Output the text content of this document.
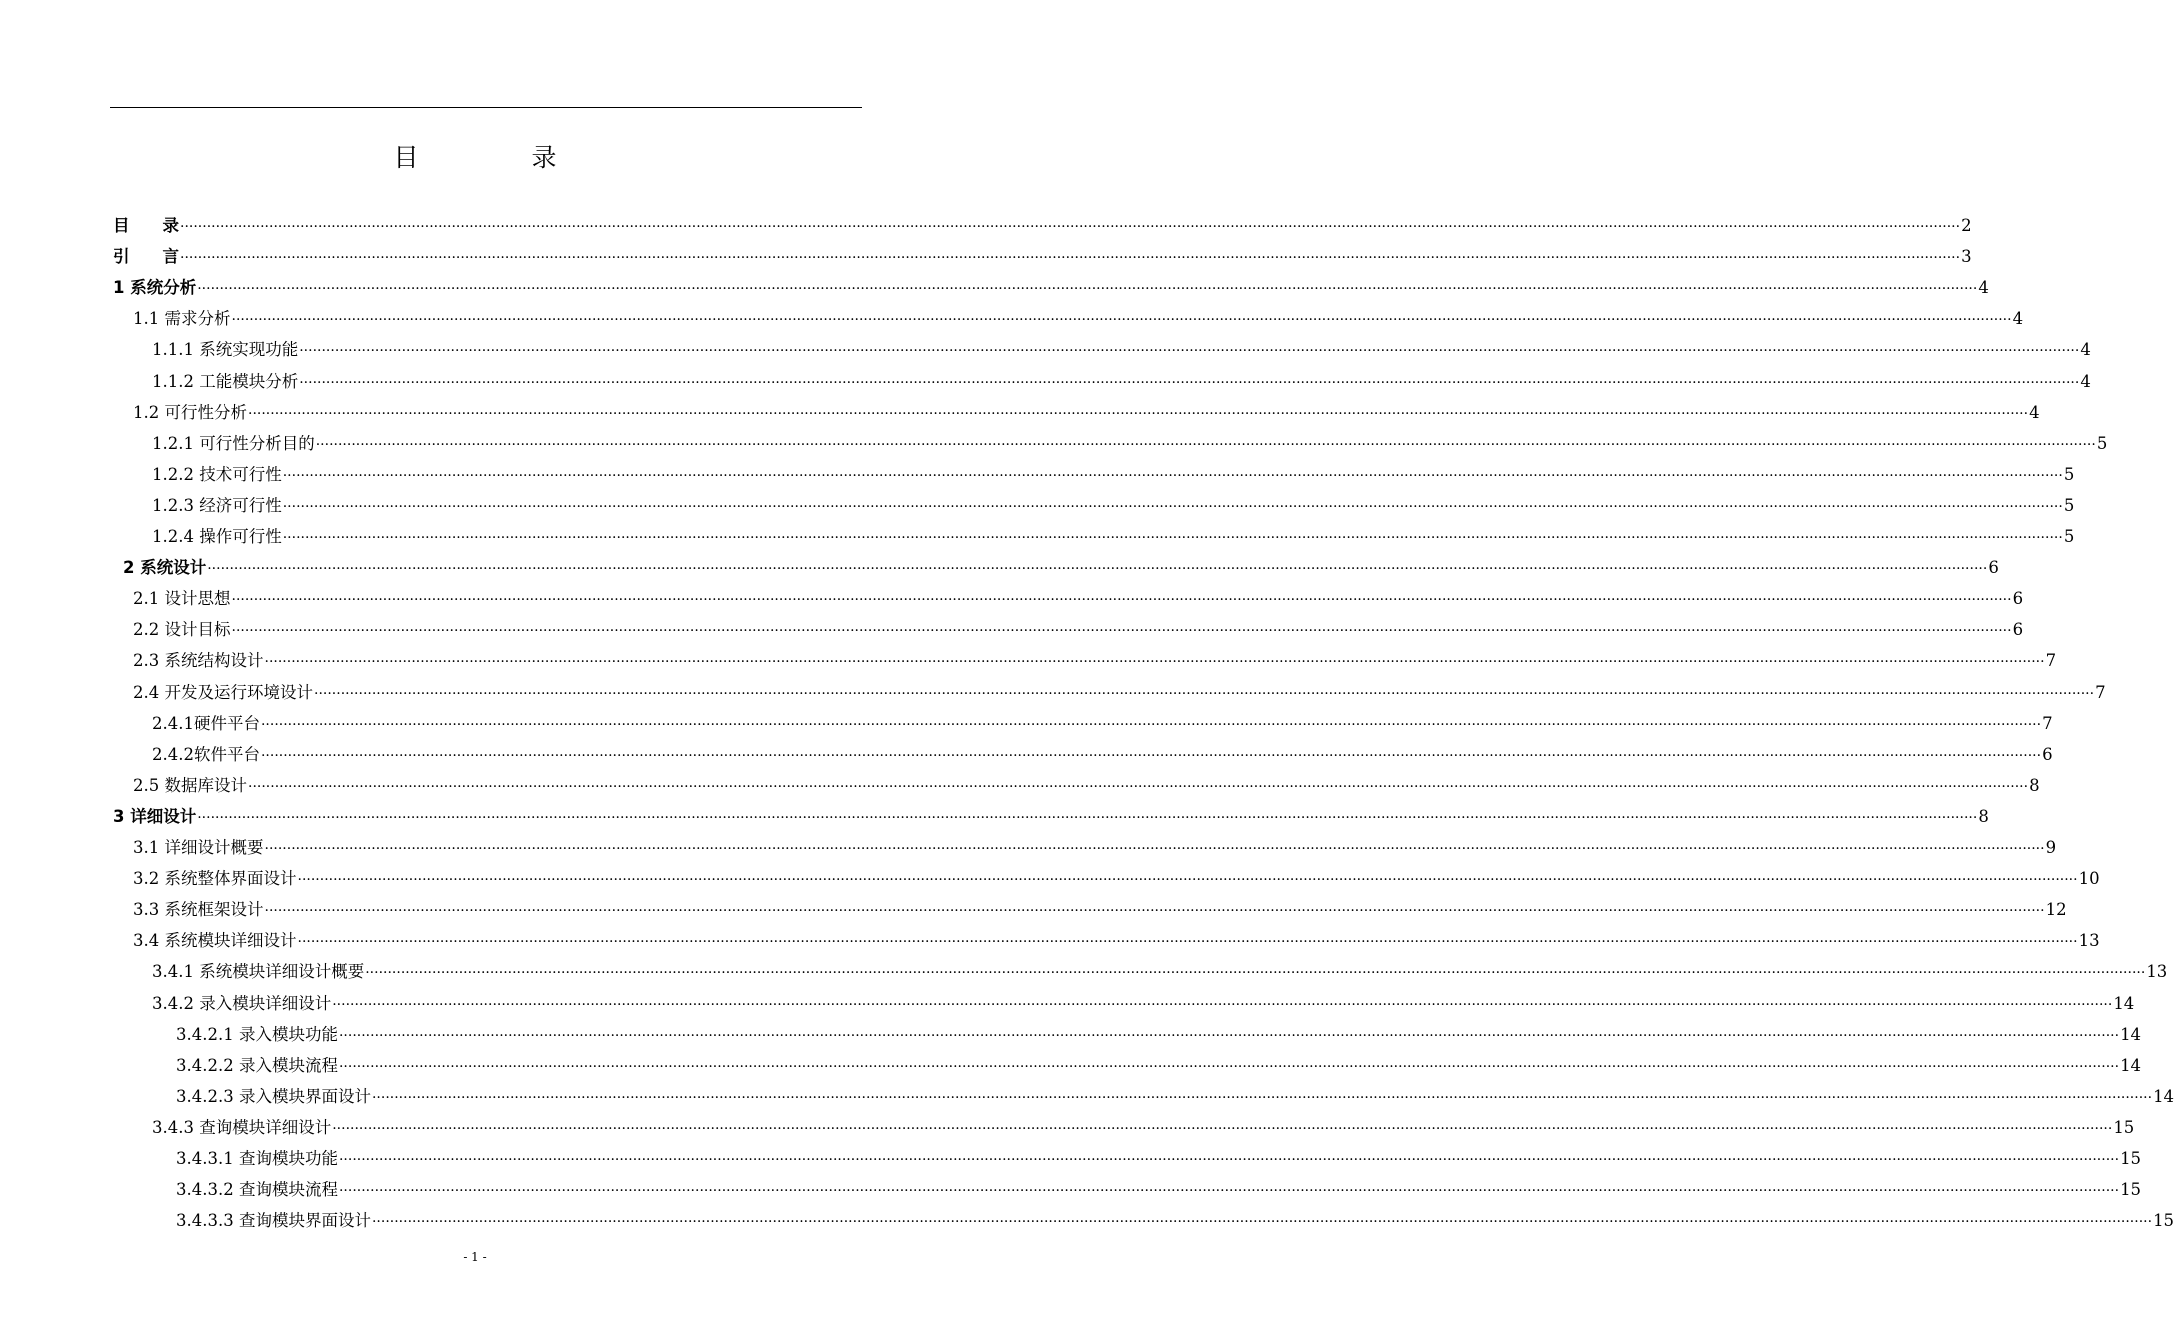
目　录
目　　录 ················································································································································································································································································································································································································ 2
引　　言 ················································································································································································································································································································································································································ 3
1 系统分析 ················································································································································································································································································································································································································ 4
1.1 需求分析 ················································································································································································································································································································································································································ 4
1.1.1 系统实现功能 ················································································································································································································································································································································································································ 4
1.1.2 工能模块分析 ················································································································································································································································································································································································································ 4
1.2 可行性分析 ················································································································································································································································································································································································································ 4
1.2.1 可行性分析目的 ················································································································································································································································································································································································································ 5
1.2.2 技术可行性 ················································································································································································································································································································································································································ 5
1.2.3 经济可行性 ················································································································································································································································································································································································································ 5
1.2.4 操作可行性 ················································································································································································································································································································································································································ 5
2 系统设计 ················································································································································································································································································································································································································ 6
2.1 设计思想 ················································································································································································································································································································································································································ 6
2.2 设计目标 ················································································································································································································································································································································································································ 6
2.3 系统结构设计 ················································································································································································································································································································································································································ 7
2.4 开发及运行环境设计 ················································································································································································································································································································································································································ 7
2.4.1硬件平台 ················································································································································································································································································································································································································ 7
2.4.2软件平台 ················································································································································································································································································································································································································ 6
2.5 数据库设计 ················································································································································································································································································································································································································ 8
3 详细设计 ················································································································································································································································································································································································································ 8
3.1 详细设计概要 ················································································································································································································································································································································································································ 9
3.2 系统整体界面设计 ················································································································································································································································································································································································································ 10
3.3 系统框架设计 ················································································································································································································································································································································································································ 12
3.4 系统模块详细设计 ················································································································································································································································································································································································································ 13
3.4.1 系统模块详细设计概要 ················································································································································································································································································································································································································ 13
3.4.2 录入模块详细设计 ················································································································································································································································································································································································································ 14
3.4.2.1 录入模块功能 ················································································································································································································································································································································································································ 14
3.4.2.2 录入模块流程 ················································································································································································································································································································································································································ 14
3.4.2.3 录入模块界面设计 ················································································································································································································································································································································································································ 14
3.4.3 查询模块详细设计 ················································································································································································································································································································································································································ 15
3.4.3.1 查询模块功能 ················································································································································································································································································································································································································ 15
3.4.3.2 查询模块流程 ················································································································································································································································································································································································································ 15
3.4.3.3 查询模块界面设计 ················································································································································································································································································································································································································ 15
- 1 -
